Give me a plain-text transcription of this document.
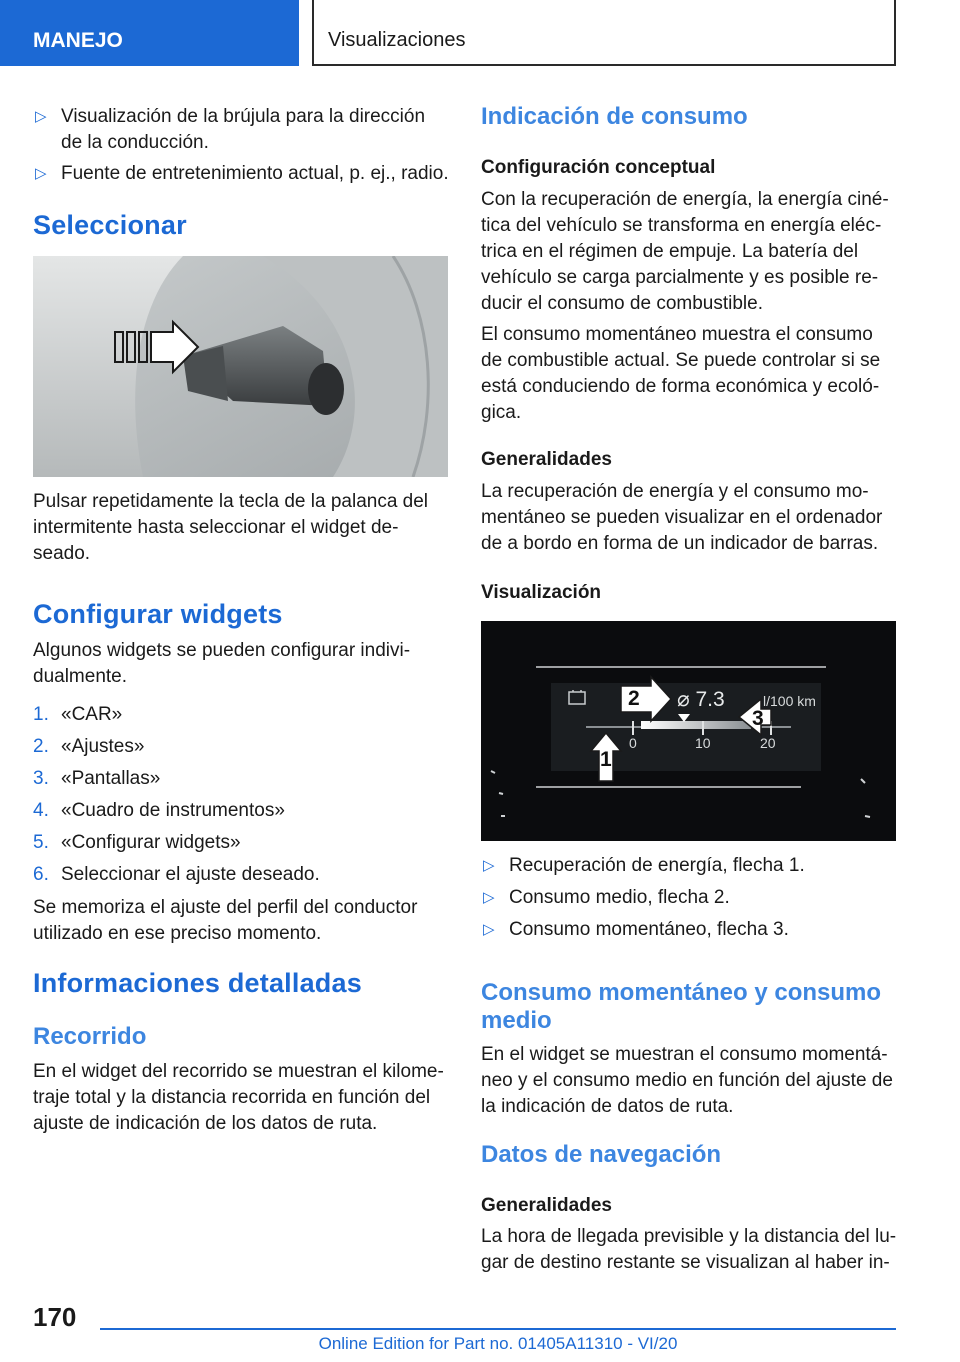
MANEJO	Visualizaciones
▷ Visualización de la brújula para la dirección de la conducción.
▷ Fuente de entretenimiento actual, p. ej., radio.
Seleccionar
Pulsar repetidamente la tecla de la palanca del intermitente hasta seleccionar el widget deseado.
Configurar widgets
Algunos widgets se pueden configurar individualmente.
1. «CAR»
2. «Ajustes»
3. «Pantallas»
4. «Cuadro de instrumentos»
5. «Configurar widgets»
6. Seleccionar el ajuste deseado.
Se memoriza el ajuste del perfil del conductor utilizado en ese preciso momento.
Informaciones detalladas
Recorrido
En el widget del recorrido se muestran el kilometraje total y la distancia recorrida en función del ajuste de indicación de los datos de ruta.
Indicación de consumo
Configuración conceptual
Con la recuperación de energía, la energía cinética del vehículo se transforma en energía eléctrica en el régimen de empuje. La batería del vehículo se carga parcialmente y es posible reducir el consumo de combustible.
El consumo momentáneo muestra el consumo de combustible actual. Se puede controlar si se está conduciendo de forma económica y ecológica.
Generalidades
La recuperación de energía y el consumo momentáneo se pueden visualizar en el ordenador de a bordo en forma de un indicador de barras.
Visualización
⌀ 7.3	l/100 km
0	10	20
1
2
3
▷ Recuperación de energía, flecha 1.
▷ Consumo medio, flecha 2.
▷ Consumo momentáneo, flecha 3.
Consumo momentáneo y consumo medio
En el widget se muestran el consumo momentáneo y el consumo medio en función del ajuste de la indicación de datos de ruta.
Datos de navegación
Generalidades
La hora de llegada previsible y la distancia del lugar de destino restante se visualizan al haber in-
170
Online Edition for Part no. 01405A11310 - VI/20
